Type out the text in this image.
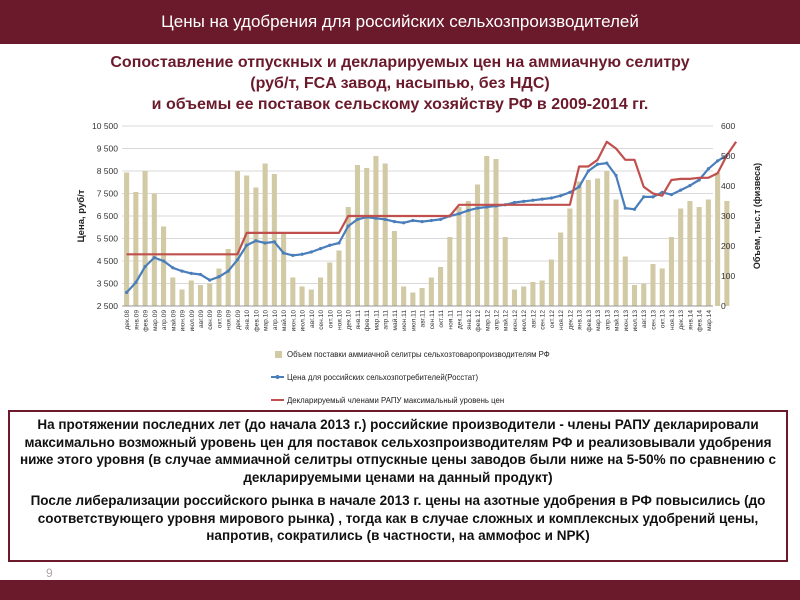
Цены на удобрения для российских сельхозпроизводителей
Сопоставление отпускных и декларируемых цен на аммиачную селитру
(руб/т, FCA завод, насыпью, без НДС)
и объемы ее поставок сельскому хозяйству РФ в 2009-2014 гг.
2 500
3 500
4 500
5 500
6 500
7 500
8 500
9 500
10 500
0
100
200
300
400
500
600
Цена, руб/т	Объем, тыс.т (физвеса)
дек.08 янв.09 фев.09 мар.09 апр.09 май.09 июн.09 июл.09 авг.09 сен.09 окт.09 ноя.09 дек.09 янв.10 фев.10 мар.10 апр.10 май.10 июн.10 июл.10 авг.10 сен.10 окт.10 ноя.10 дек.10 янв.11 фев.11 мар.11 апр.11 май.11 июн.11 июл.11 авг.11 сен.11 окт.11 ноя.11 дек.11 янв.12 фев.12 мар.12 апр.12 май.12 июн.12 июл.12 авг.12 сен.12 окт.12 ноя.12 дек.12 янв.13 фев.13 мар.13 апр.13 май.13 июн.13 июл.13 авг.13 сен.13 окт.13 ноя.13 дек.13 янв.14 фев.14 мар.14
Объем поставки аммиачной селитры сельхозтоваропроизводителям РФ
Цена для российских сельхозпотребителей(Росстат)
Декларируемый членами РАПУ максимальный уровень цен

На протяжении последних лет (до начала 2013 г.) российские производители - члены РАПУ декларировали максимально возможный уровень цен для поставок сельхозпроизводителям РФ и реализовывали удобрения ниже этого уровня (в случае аммиачной селитры отпускные цены заводов были ниже на 5-50% по сравнению с декларируемыми ценами на данный продукт)

После либерализации российского рынка в начале 2013 г. цены на азотные удобрения в РФ повысились (до соответствующего уровня мирового рынка) , тогда как в случае сложных и комплексных удобрений цены, напротив, сократились (в частности, на аммофос и NPK)

9
